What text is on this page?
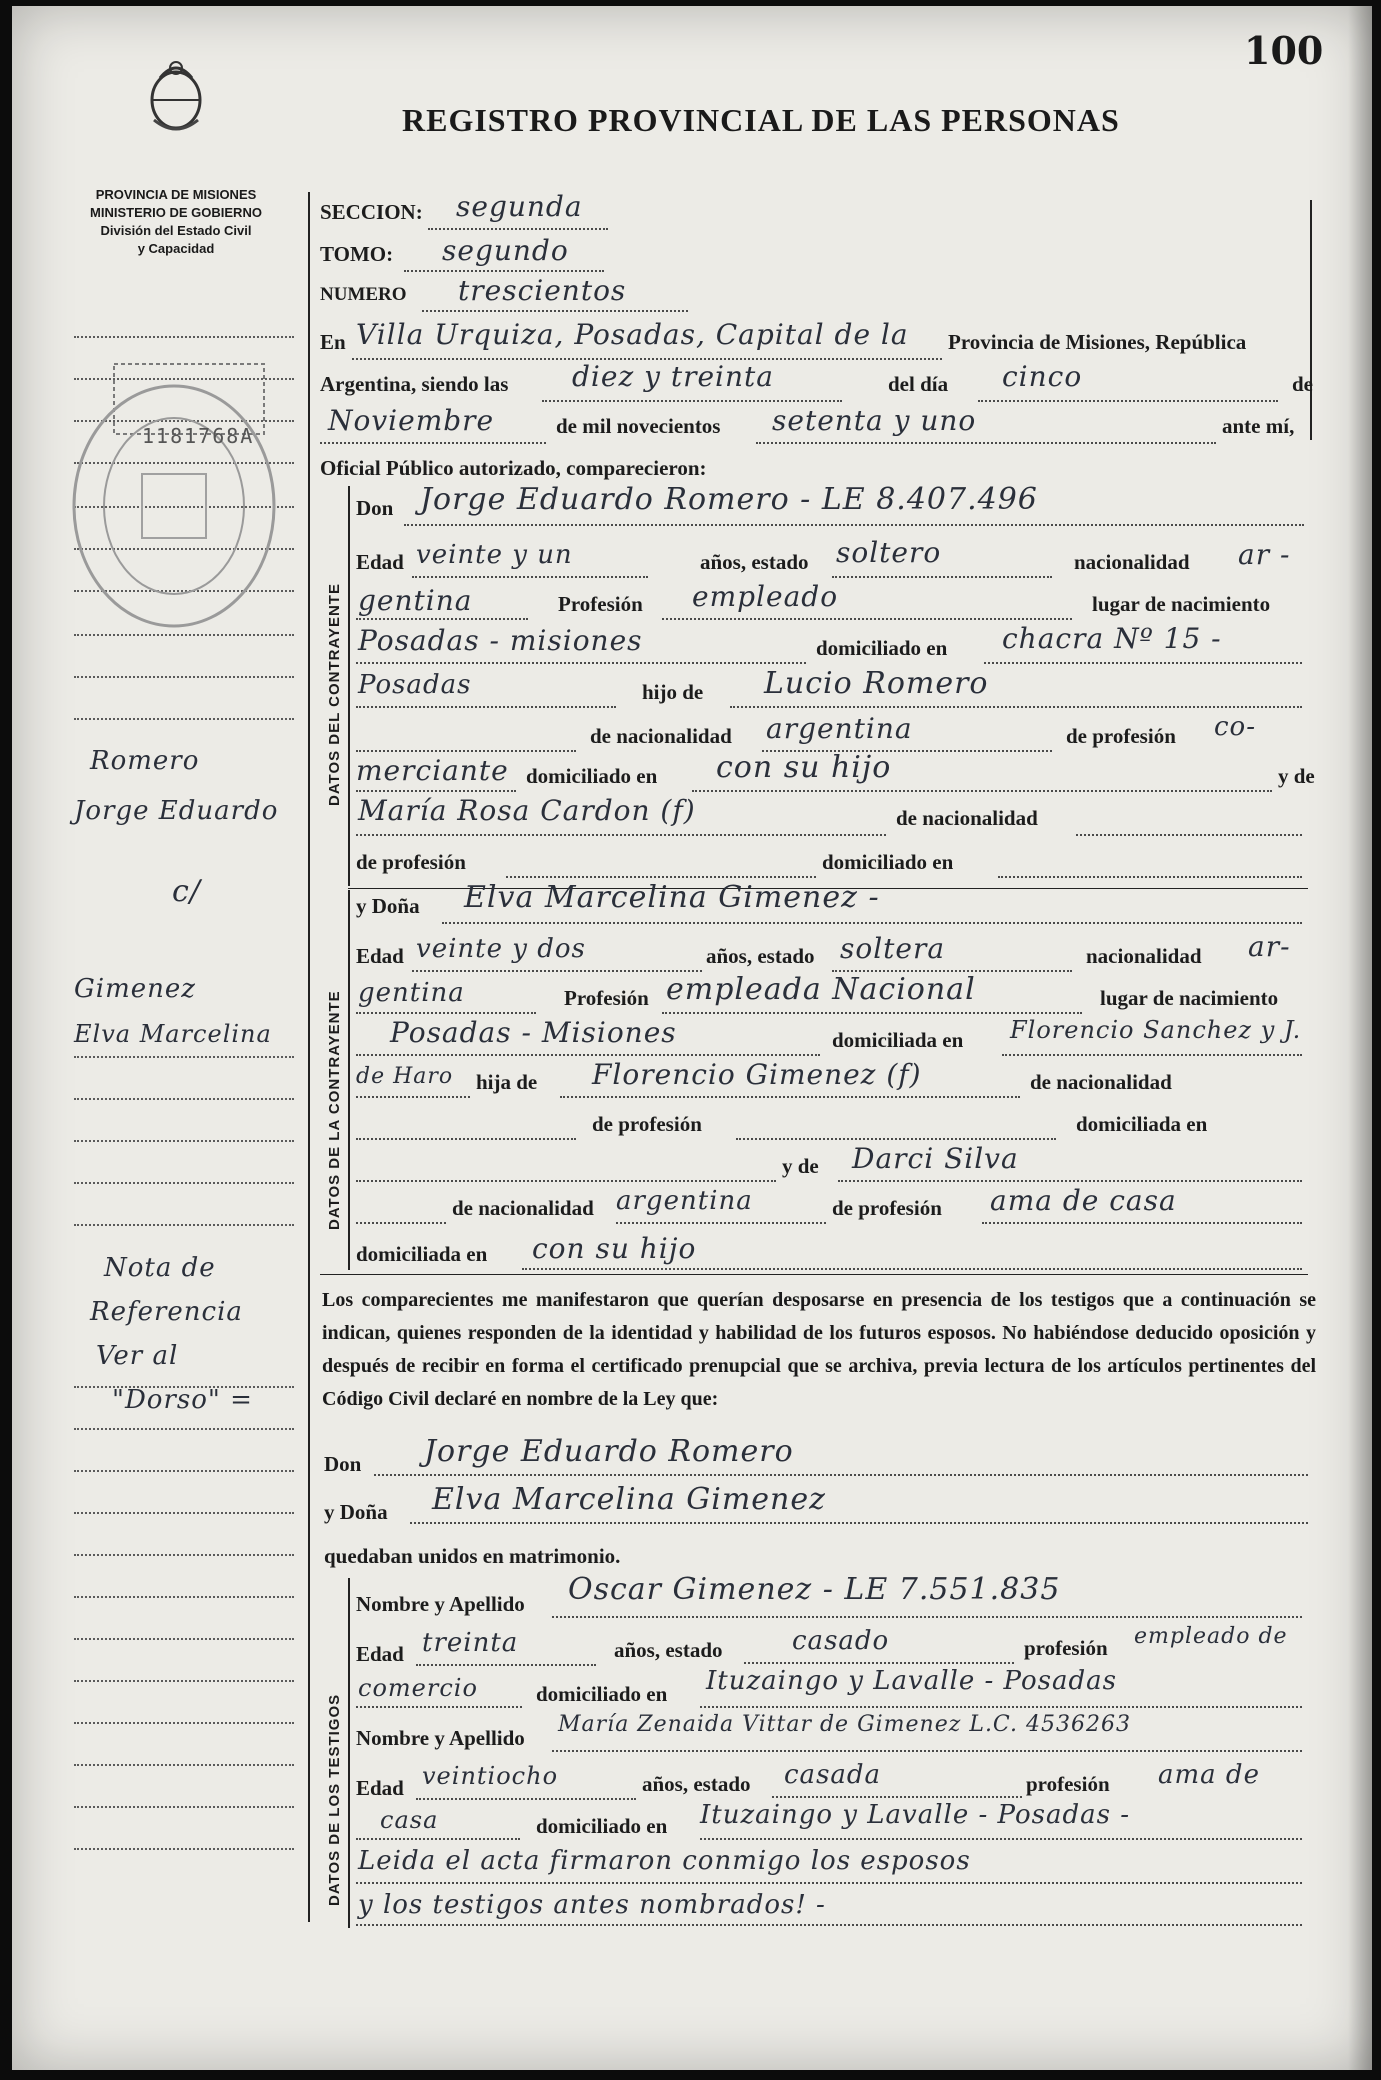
100
REGISTRO PROVINCIAL DE LAS PERSONAS
PROVINCIA DE MISIONES
MINISTERIO DE GOBIERNO
División del Estado Civil
y Capacidad
1181768A
Romero
Jorge Eduardo
c/
Gimenez
Elva Marcelina
Nota de
Referencia
Ver al
"Dorso" =
SECCION: segunda
TOMO: segundo
NUMERO trescientos
En Villa Urquiza, Posadas, Capital de la Provincia de Misiones, República
Argentina, siendo las diez y treinta	del día cinco	de
Noviembre	de mil novecientos setenta y uno	ante mí,
Oficial Público autorizado, comparecieron:
DATOS DEL CONTRAYENTE
Don Jorge Eduardo Romero - LE 8.407.496
Edad veinte y un	años, estado soltero	nacionalidad ar -
gentina	Profesión empleado	lugar de nacimiento
Posadas - misiones	domiciliado en chacra Nº 15 -
Posadas	hijo de Lucio Romero
de nacionalidad argentina	de profesión co-
merciante domiciliado en con su hijo	y de
María Rosa Cardon (f)	de nacionalidad
de profesión	domiciliado en
DATOS DE LA CONTRAYENTE
y Doña Elva Marcelina Gimenez -
Edad veinte y dos	años, estado soltera	nacionalidad ar-
gentina	Profesión empleada Nacional	lugar de nacimiento
Posadas - Misiones	domiciliada en Florencio Sanchez y J.
de Haro hija de Florencio Gimenez (f)	de nacionalidad
de profesión	domiciliada en
y de Darci Silva
de nacionalidad argentina	de profesión ama de casa
domiciliada en con su hijo
Los comparecientes me manifestaron que querían desposarse en presencia de los testigos que a continuación se indican, quienes responden de la identidad y habilidad de los futuros esposos. No habiéndose deducido oposición y después de recibir en forma el certificado prenupcial que se archiva, previa lectura de los artículos pertinentes del Código Civil declaré en nombre de la Ley que:
Don Jorge Eduardo Romero
y Doña Elva Marcelina Gimenez
quedaban unidos en matrimonio.
DATOS DE LOS TESTIGOS
Nombre y Apellido Oscar Gimenez - LE 7.551.835
Edad treinta	años, estado	casado	profesión empleado de
comercio	domiciliado en Ituzaingo y Lavalle - Posadas
Nombre y Apellido
María Zenaida Vittar de Gimenez L.C. 4536263
Edad veintiocho	años, estado casada	profesión ama de
casa	domiciliado en Ituzaingo y Lavalle - Posadas -
Leida el acta firmaron conmigo los esposos
y los testigos antes nombrados! -
